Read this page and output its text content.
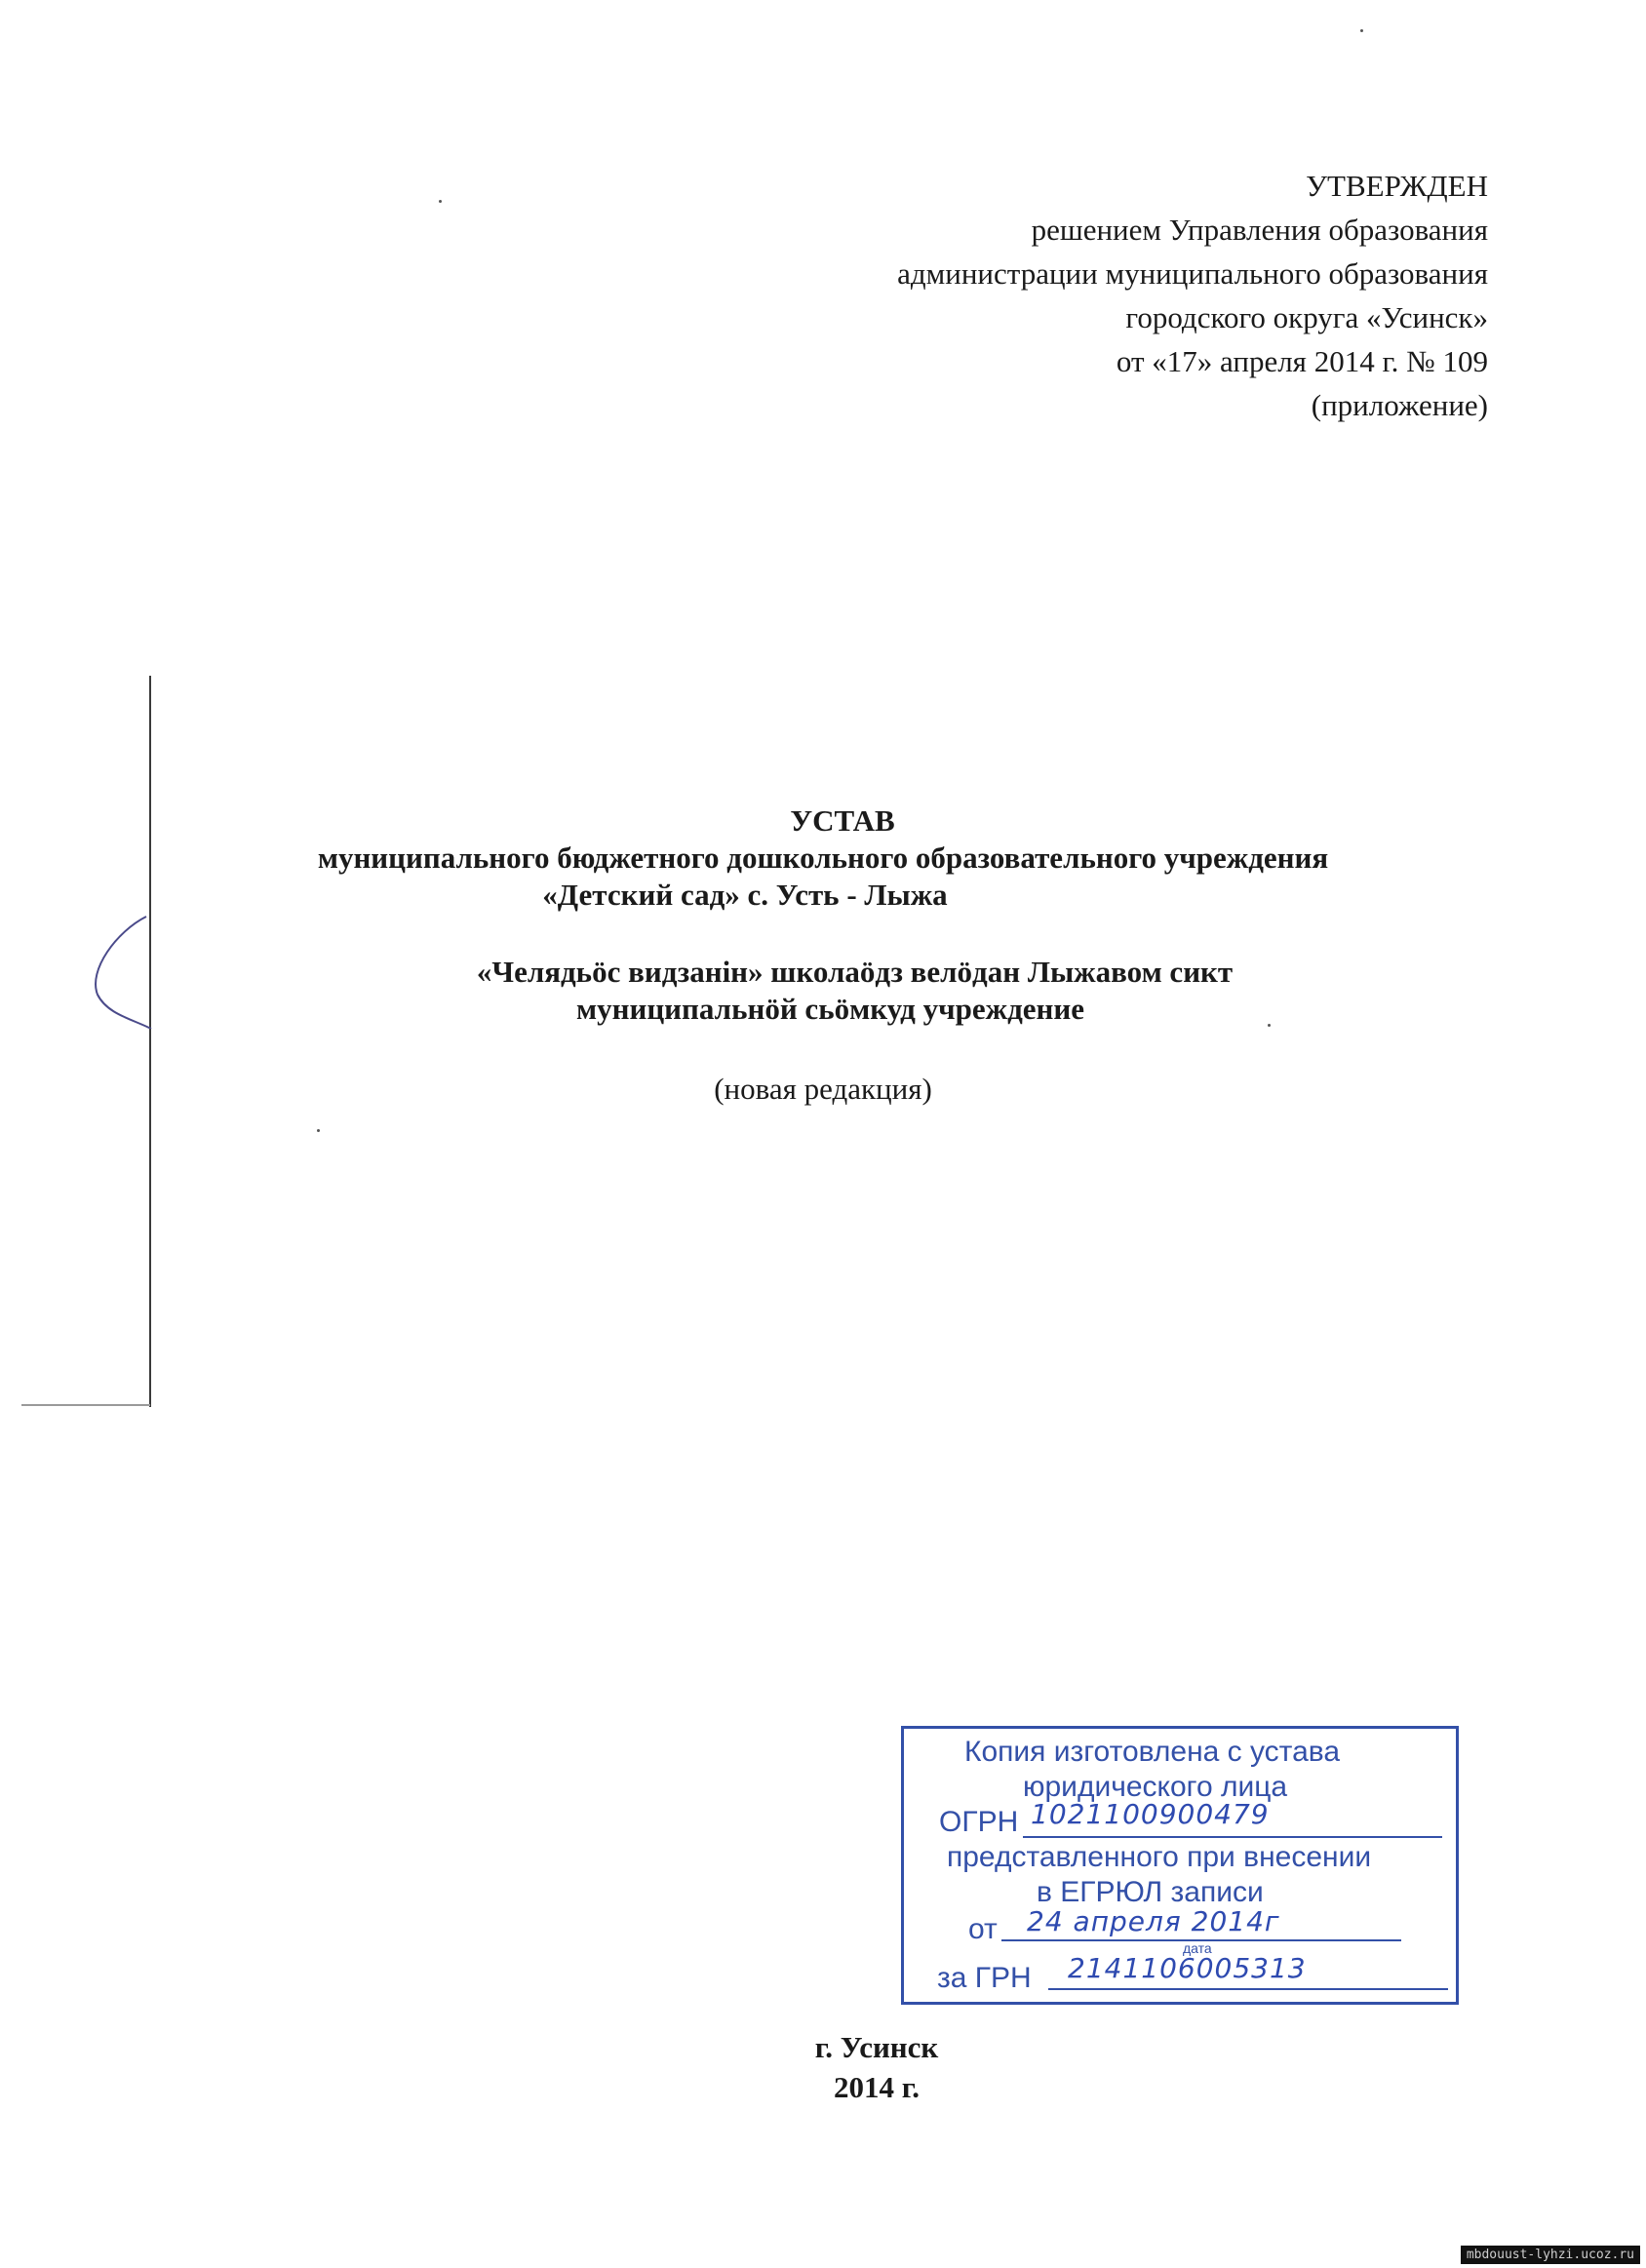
УТВЕРЖДЕН
решением Управления образования
администрации муниципального образования
городского округа «Усинск»
от «17» апреля 2014 г. № 109
(приложение)
УСТАВ
муниципального бюджетного дошкольного образовательного учреждения
«Детский сад» с. Усть - Лыжа
«Челядьöс видзанiн» школаöдз велöдан Лыжавом сикт
муниципальнöй сьöмкуд учреждение
(новая редакция)
Копия изготовлена с устава
юридического лица
ОГРН 1021100900479
представленного при внесении
в ЕГРЮЛ записи
от 24 апреля 2014г
дата
за ГРН 2141106005313
г. Усинск
2014 г.
mbdouust-lyhzi.ucoz.ru
